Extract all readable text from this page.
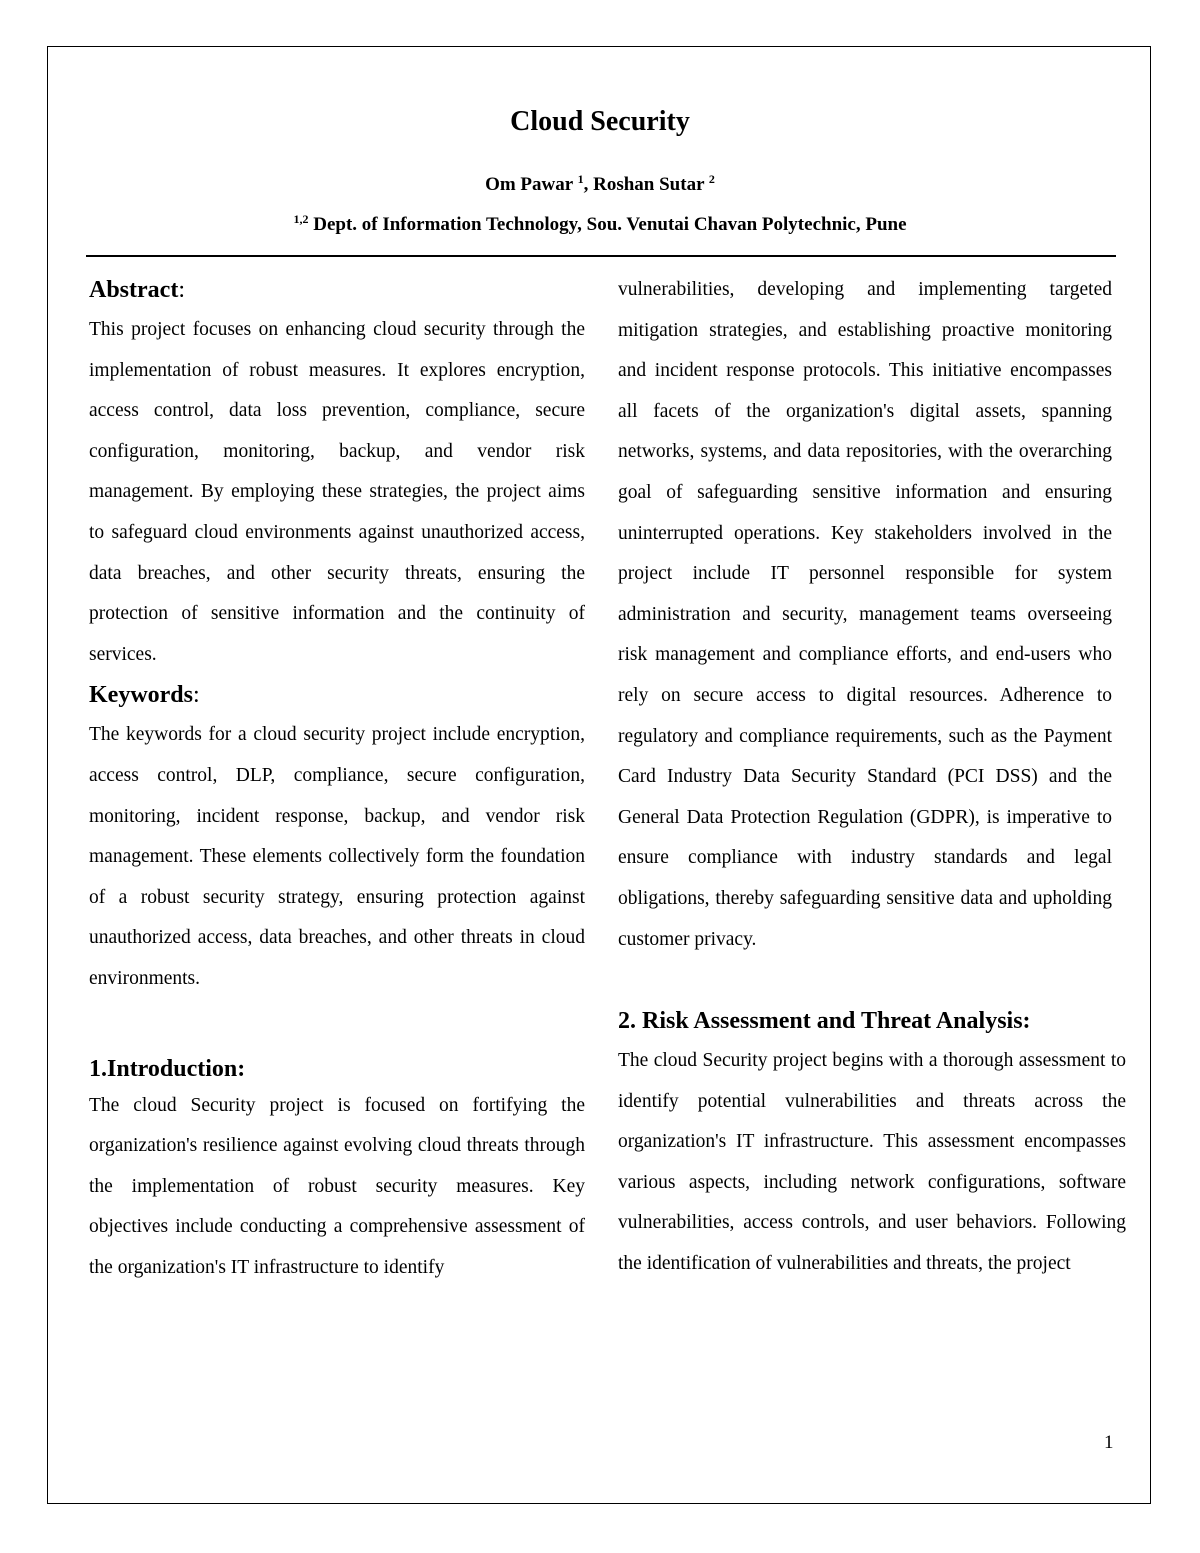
Cloud Security
Om Pawar $^1$, Roshan Sutar $^2$
$^{1,2}$ Dept. of Information Technology, Sou. Venutai Chavan Polytechnic, Pune
Abstract:

This project focuses on enhancing cloud security through the implementation of robust measures. It explores encryption, access control, data loss prevention, compliance, secure configuration, monitoring, backup, and vendor risk management. By employing these strategies, the project aims to safeguard cloud environments against unauthorized access, data breaches, and other security threats, ensuring the protection of sensitive information and the continuity of services.

Keywords:

The keywords for a cloud security project include encryption, access control, DLP, compliance, secure configuration, monitoring, incident response, backup, and vendor risk management. These elements collectively form the foundation of a robust security strategy, ensuring protection against unauthorized access, data breaches, and other threats in cloud environments.

1.Introduction:

The cloud Security project is focused on fortifying the organization's resilience against evolving cloud threats through the implementation of robust security measures. Key objectives include conducting a comprehensive assessment of the organization's IT infrastructure to identify

vulnerabilities, developing and implementing targeted mitigation strategies, and establishing proactive monitoring and incident response protocols. This initiative encompasses all facets of the organization's digital assets, spanning networks, systems, and data repositories, with the overarching goal of safeguarding sensitive information and ensuring uninterrupted operations. Key stakeholders involved in the project include IT personnel responsible for system administration and security, management teams overseeing risk management and compliance efforts, and end-users who rely on secure access to digital resources. Adherence to regulatory and compliance requirements, such as the Payment Card Industry Data Security Standard (PCI DSS) and the General Data Protection Regulation (GDPR), is imperative to ensure compliance with industry standards and legal obligations, thereby safeguarding sensitive data and upholding customer privacy.

2. Risk Assessment and Threat Analysis:

The cloud Security project begins with a thorough assessment to identify potential vulnerabilities and threats across the organization's IT infrastructure. This assessment encompasses various aspects, including network configurations, software vulnerabilities, access controls, and user behaviors. Following the identification of vulnerabilities and threats, the project

1
